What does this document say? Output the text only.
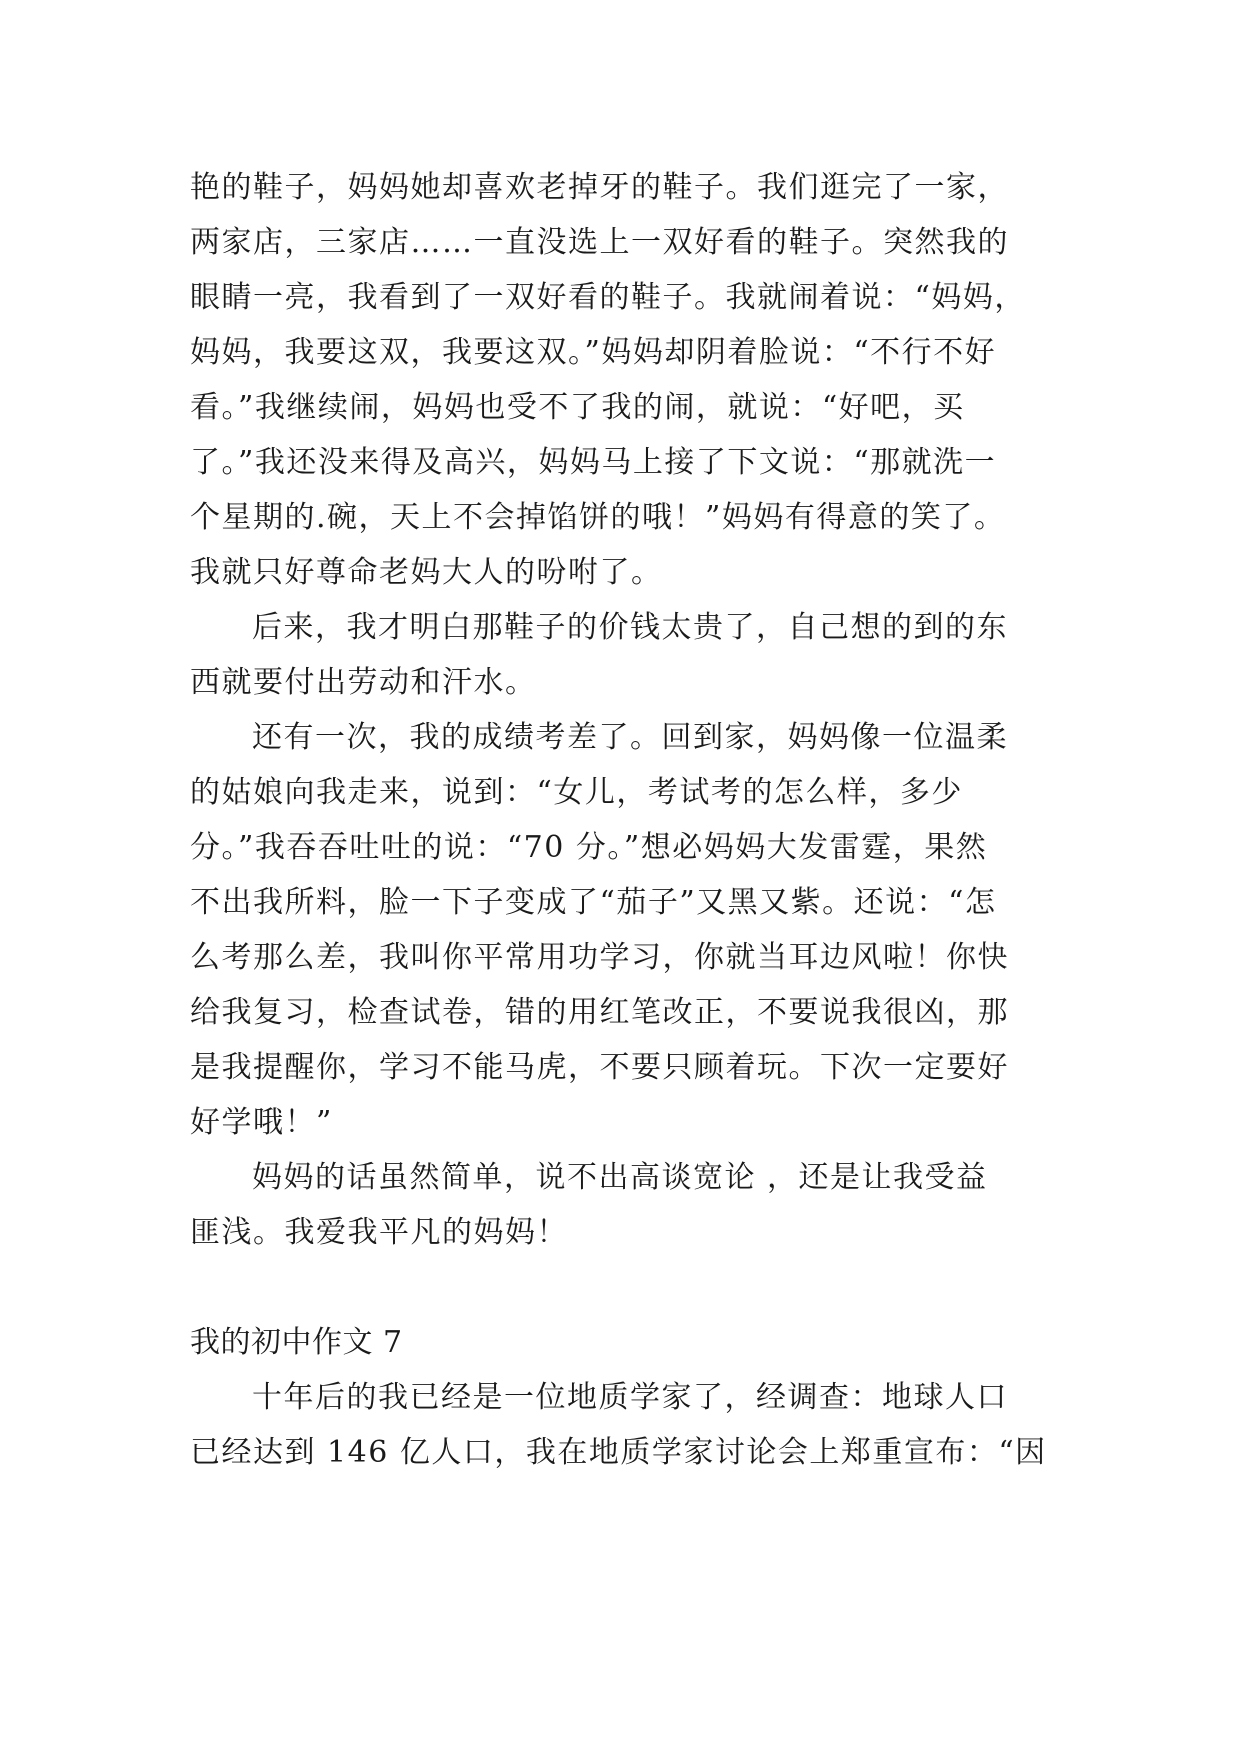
艳的鞋子，妈妈她却喜欢老掉牙的鞋子。我们逛完了一家，
两家店，三家店……一直没选上一双好看的鞋子。突然我的
眼睛一亮，我看到了一双好看的鞋子。我就闹着说：“妈妈，
妈妈，我要这双，我要这双。”妈妈却阴着脸说：“不行不好
看。”我继续闹，妈妈也受不了我的闹，就说：“好吧，买
了。”我还没来得及高兴，妈妈马上接了下文说：“那就洗一
个星期的.碗，天上不会掉馅饼的哦！”妈妈有得意的笑了。
我就只好尊命老妈大人的吩咐了。
后来，我才明白那鞋子的价钱太贵了，自己想的到的东
西就要付出劳动和汗水。
还有一次，我的成绩考差了。回到家，妈妈像一位温柔
的姑娘向我走来，说到：“女儿，考试考的怎么样，多少
分。”我吞吞吐吐的说：“70 分。”想必妈妈大发雷霆，果然
不出我所料，脸一下子变成了“茄子”又黑又紫。还说：“怎
么考那么差，我叫你平常用功学习，你就当耳边风啦！你快
给我复习，检查试卷，错的用红笔改正，不要说我很凶，那
是我提醒你，学习不能马虎，不要只顾着玩。下次一定要好
好学哦！”
妈妈的话虽然简单，说不出高谈宽论 ，还是让我受益
匪浅。我爱我平凡的妈妈！
我的初中作文 7
十年后的我已经是一位地质学家了，经调查：地球人口
已经达到 146 亿人口，我在地质学家讨论会上郑重宣布：“因
